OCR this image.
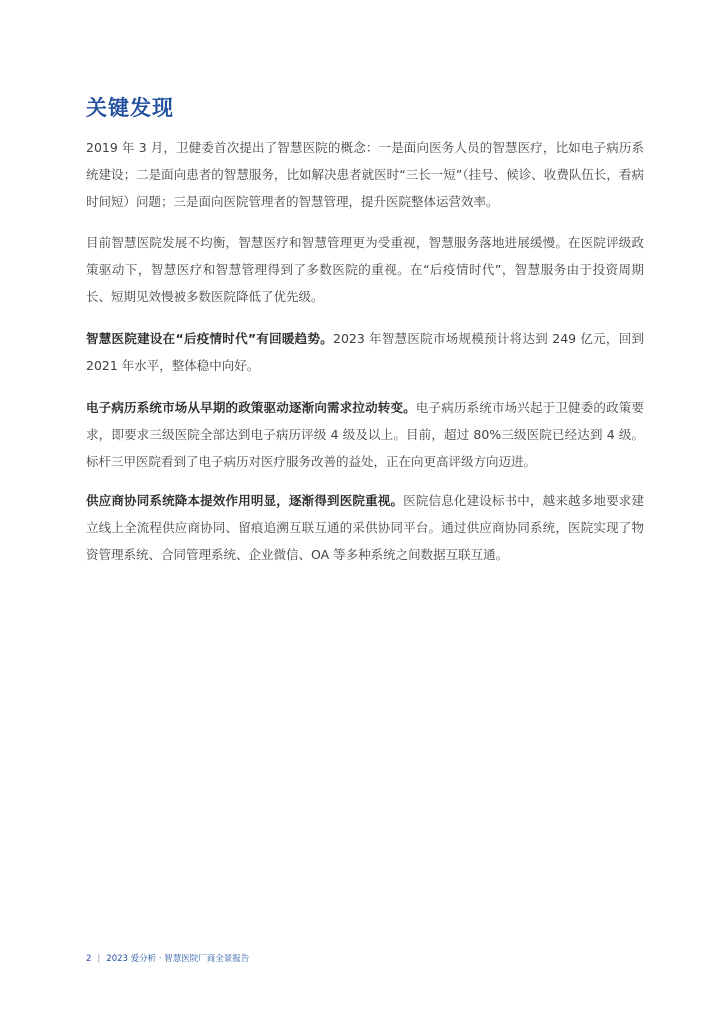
关键发现

2019 年 3 月，卫健委首次提出了智慧医院的概念：一是面向医务人员的智慧医疗，比如电子病历系统建设；二是面向患者的智慧服务，比如解决患者就医时“三长一短”（挂号、候诊、收费队伍长，看病时间短）问题；三是面向医院管理者的智慧管理，提升医院整体运营效率。

目前智慧医院发展不均衡，智慧医疗和智慧管理更为受重视，智慧服务落地进展缓慢。在医院评级政策驱动下，智慧医疗和智慧管理得到了多数医院的重视。在“后疫情时代”，智慧服务由于投资周期长、短期见效慢被多数医院降低了优先级。

智慧医院建设在“后疫情时代”有回暖趋势。2023 年智慧医院市场规模预计将达到 249 亿元，回到 2021 年水平，整体稳中向好。

电子病历系统市场从早期的政策驱动逐渐向需求拉动转变。电子病历系统市场兴起于卫健委的政策要求，即要求三级医院全部达到电子病历评级 4 级及以上。目前，超过 80%三级医院已经达到 4 级。标杆三甲医院看到了电子病历对医疗服务改善的益处，正在向更高评级方向迈进。

供应商协同系统降本提效作用明显，逐渐得到医院重视。医院信息化建设标书中，越来越多地要求建立线上全流程供应商协同、留痕追溯互联互通的采供协同平台。通过供应商协同系统，医院实现了物资管理系统、合同管理系统、企业微信、OA 等多种系统之间数据互联互通。

2 | 2023 爱分析 · 智慧医院厂商全景报告
